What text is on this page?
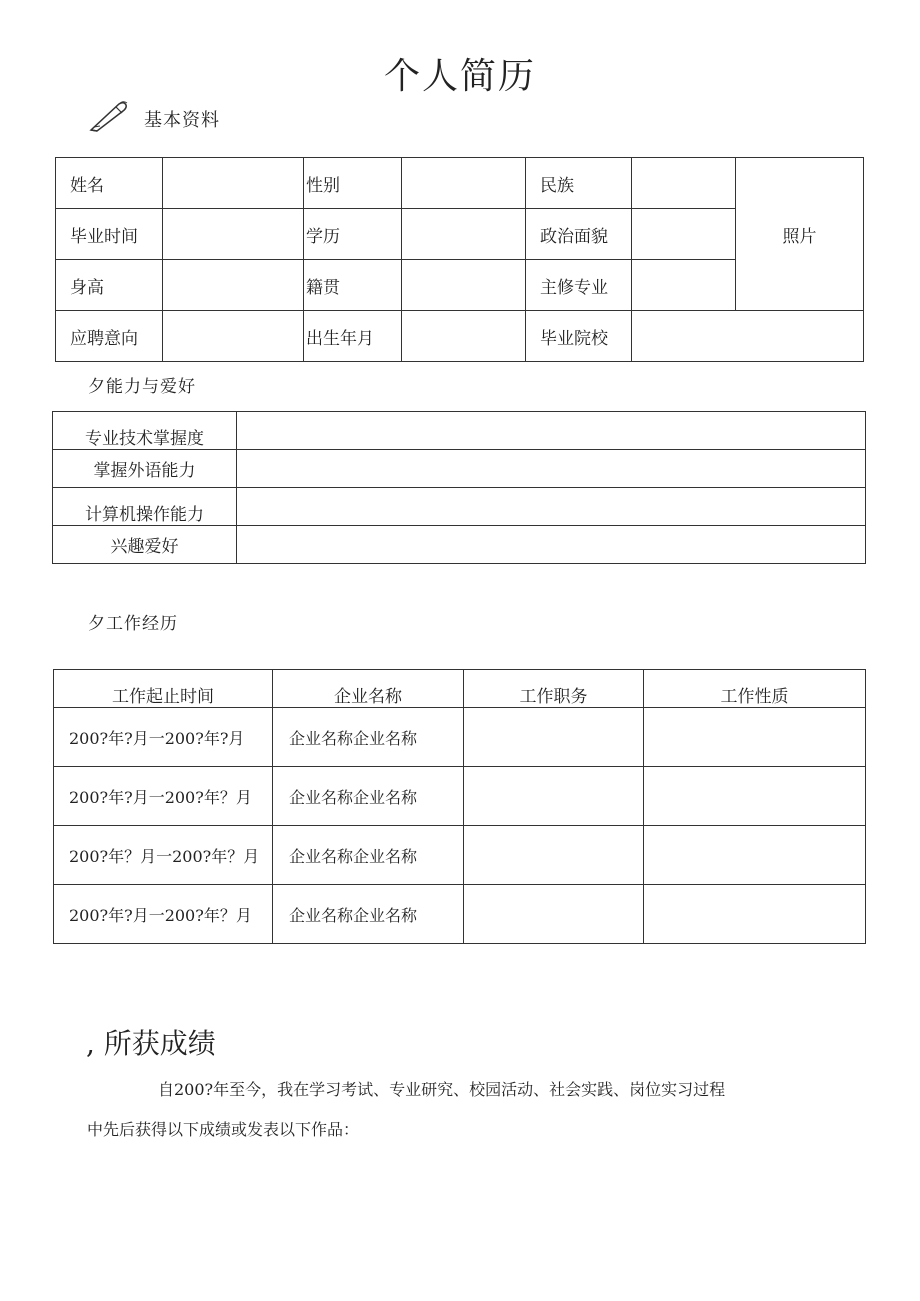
个人简历
基本资料
姓名		性别		民族		照片
毕业时间		学历		政治面貌		
身高		籍贯		主修专业		
应聘意向		出生年月		毕业院校		
夕能力与爱好
专业技术掌握度	
掌握外语能力	
计算机操作能力	
兴趣爱好	
夕工作经历
工作起止时间	企业名称	工作职务	工作性质
200?年?月一200?年?月	企业名称企业名称		
200?年?月一200?年？月	企业名称企业名称		
200?年？月一200?年？月	企业名称企业名称		
200?年?月一200?年？月	企业名称企业名称		
, 所获成绩
自200?年至今，我在学习考试、专业研究、校园活动、社会实践、岗位实习过程
中先后获得以下成绩或发表以下作品：
